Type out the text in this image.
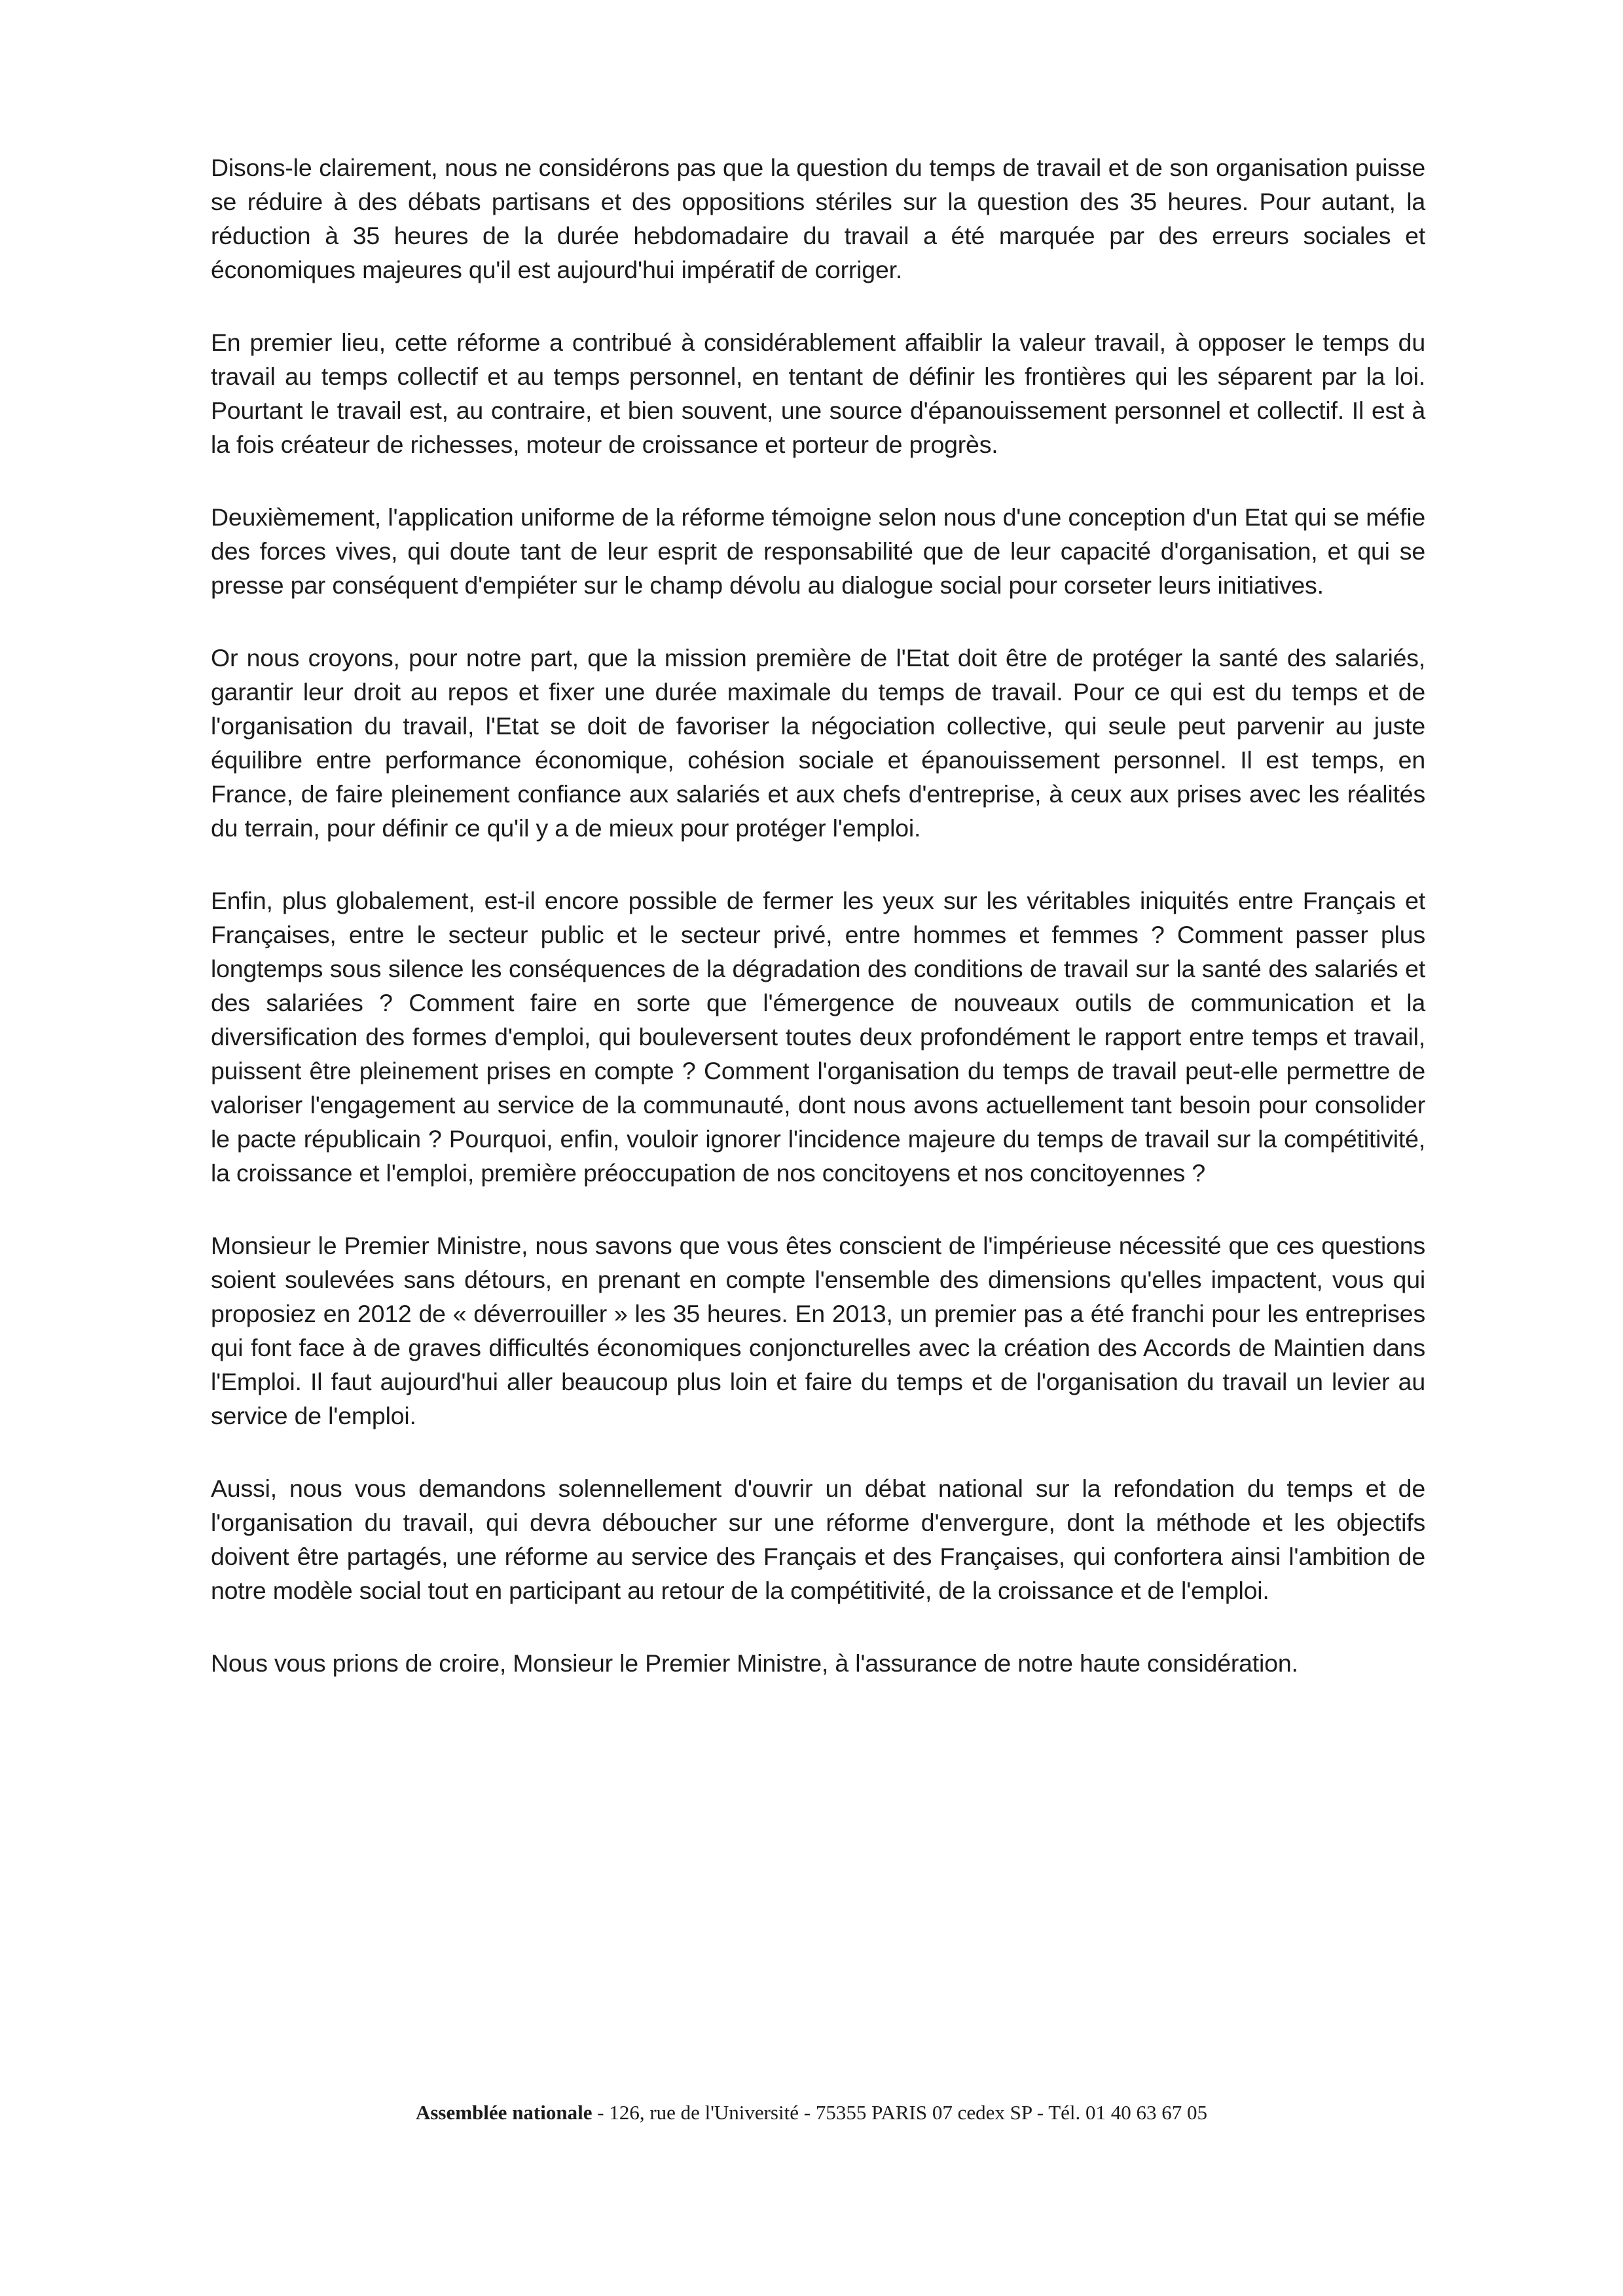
Disons-le clairement, nous ne considérons pas que la question du temps de travail et de son organisation puisse se réduire à des débats partisans et des oppositions stériles sur la question des 35 heures. Pour autant, la réduction à 35 heures de la durée hebdomadaire du travail a été marquée par des erreurs sociales et économiques majeures qu'il est aujourd'hui impératif de corriger.

En premier lieu, cette réforme a contribué à considérablement affaiblir la valeur travail, à opposer le temps du travail au temps collectif et au temps personnel, en tentant de définir les frontières qui les séparent par la loi. Pourtant le travail est, au contraire, et bien souvent, une source d'épanouissement personnel et collectif. Il est à la fois créateur de richesses, moteur de croissance et porteur de progrès.

Deuxièmement, l'application uniforme de la réforme témoigne selon nous d'une conception d'un Etat qui se méfie des forces vives, qui doute tant de leur esprit de responsabilité que de leur capacité d'organisation, et qui se presse par conséquent d'empiéter sur le champ dévolu au dialogue social pour corseter leurs initiatives.

Or nous croyons, pour notre part, que la mission première de l'Etat doit être de protéger la santé des salariés, garantir leur droit au repos et fixer une durée maximale du temps de travail. Pour ce qui est du temps et de l'organisation du travail, l'Etat se doit de favoriser la négociation collective, qui seule peut parvenir au juste équilibre entre performance économique, cohésion sociale et épanouissement personnel. Il est temps, en France, de faire pleinement confiance aux salariés et aux chefs d'entreprise, à ceux aux prises avec les réalités du terrain, pour définir ce qu'il y a de mieux pour protéger l'emploi.

Enfin, plus globalement, est-il encore possible de fermer les yeux sur les véritables iniquités entre Français et Françaises, entre le secteur public et le secteur privé, entre hommes et femmes ? Comment passer plus longtemps sous silence les conséquences de la dégradation des conditions de travail sur la santé des salariés et des salariées ? Comment faire en sorte que l'émergence de nouveaux outils de communication et la diversification des formes d'emploi, qui bouleversent toutes deux profondément le rapport entre temps et travail, puissent être pleinement prises en compte ? Comment l'organisation du temps de travail peut-elle permettre de valoriser l'engagement au service de la communauté, dont nous avons actuellement tant besoin pour consolider le pacte républicain ? Pourquoi, enfin, vouloir ignorer l'incidence majeure du temps de travail sur la compétitivité, la croissance et l'emploi, première préoccupation de nos concitoyens et nos concitoyennes ?

Monsieur le Premier Ministre, nous savons que vous êtes conscient de l'impérieuse nécessité que ces questions soient soulevées sans détours, en prenant en compte l'ensemble des dimensions qu'elles impactent, vous qui proposiez en 2012 de « déverrouiller » les 35 heures. En 2013, un premier pas a été franchi pour les entreprises qui font face à de graves difficultés économiques conjoncturelles avec la création des Accords de Maintien dans l'Emploi. Il faut aujourd'hui aller beaucoup plus loin et faire du temps et de l'organisation du travail un levier au service de l'emploi.

Aussi, nous vous demandons solennellement d'ouvrir un débat national sur la refondation du temps et de l'organisation du travail, qui devra déboucher sur une réforme d'envergure, dont la méthode et les objectifs doivent être partagés, une réforme au service des Français et des Françaises, qui confortera ainsi l'ambition de notre modèle social tout en participant au retour de la compétitivité, de la croissance et de l'emploi.

Nous vous prions de croire, Monsieur le Premier Ministre, à l'assurance de notre haute considération.

Assemblée nationale - 126, rue de l'Université - 75355 PARIS 07 cedex SP - Tél. 01 40 63 67 05
